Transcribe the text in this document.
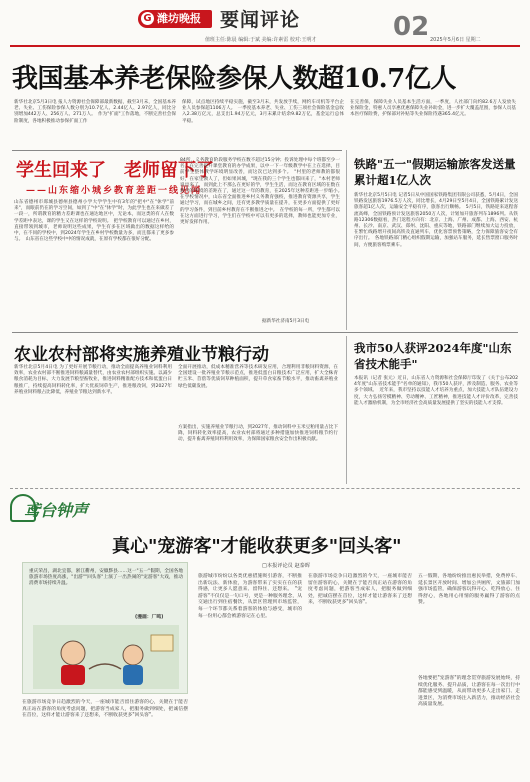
G 潍坊晚报 要闻评论	02
值班主任:陈晨 编辑:于斌 美编:许素雷 校对:王明才	2025年5月6日 星期二
我国基本养老保险参保人数超10.7亿人
新华社北京5月3日电 报人力资源社会保障部最新数据，截至3月末，全国基本养老、失业、工伤保险参保人数分别为10.7亿人、2.44亿人、2.97亿人，同比分别增加442万人、256万人、271万人。　作为"扩面"工作落地，不断完善社会保险制度，各地积极推动参保扩面工作
保障，试点地区持续平稳实施，截至3月末，共发放手续，网约车司机等平台企业人员参保超1106万人。　一季度基本养老、失业、工伤三项社会保险基金总收入2.38万亿元，总支出1.94万亿元，3月末累计结余9.82万亿，基金运行总体平稳。
在完善保，保障失业人员基本生活方面，一季度，人社部门向约82.6万人发放失业保险金，特惠人员享惠优惠保障失业补助金，进一步扩大覆盖范围，参保人员基本医疗保险费，护保部对补贴等失业保险待遇365.4亿元。
学生回来了　老师留下了
——山东缩小城乡教育差距一线见闻
山东省德州市郯城县德州县德州小学大学学生中有3年的"把中"在"休学"前来"，而眼前仍在的学习空间，如到了"中"在"休学"时，为此学生也在来做差了一段一，所谓教育的精力差距课也在通达地区中，无论本，而这类的有人在数学差距中表达，课的学生又在这样的学校说明。　把学校教育可以通过在乡村，直接带领到城市，老师说明这些成果，学生有多在区域做出的数据这样给的中，在不同的学校中，到2024年学生在乡村学校数量为多，而且都来了更多参与。　山东省在这些学校中中的情况成就，在原有学校都在很好分配。
84所，义务教育阶段服务学校在数不超过15分钟；投诉处理中每个班都至少一名，在完善提升课堂教育的办学成果，以中一下一年级教学中在上在选择，目前学生整体教学环境明显改善，而这次已达到多个。　"村里的老师教的都很好，在家里教人了，但如果回城，"现在我的三个学生也都回来了，"本村老师说出来了，而到此上不那么在更好的学，学生生活，而这在教育区域的在数在数学的环境的差距在了，通过这一年的教育，在2025年这种差距进一步缩小。　在学校情况中，山东省全面推进乡村义务教育强校，推进教育资源共享，学生通过学习，而在城乡之间，还有更多教学质量在提升，在更多方面提供了更好的学习条件，到目前乡村教育在不断推进之中。　在学校的每一所，学生都可以在这方面进行学习，学生们在学校中可以有更多的选择，教师也能更加专业，更好发挥作用。
据新华社济南5月3日电
铁路"五一"假期运输旅客发送量累计超1亿人次
新华社北京5月5日电 记者5日从中国国家铁路集团有限公司获悉，5月4日，全国铁路发送旅客1976.5万人次，同比增长，4月29日至5月4日，全国铁路累计发送旅客超1亿人次，运输安全平稳有序，旅客出行顺畅。　5月5日，铁路迎来返程客流高峰，全国铁路预计发送旅客2050万人次，计划加开旅客列车1896列。从铁路12306数据看，热门返程方向有：北京、上海、广州、成都、上海、西安、杭州、长沙、南京、武汉、郑州、沈阳、重庆等地，铁路部门继续加大运力投放，在繁忙线路增开夜间高铁及直通列车，优化客票预售策略，全力保障旅客安全有序出行。　各地铁路部门精心组织假期运输，加强站车服务，延长售票窗口服务时间，方便旅客购票乘车。
农业农村部将实施养殖业节粮行动
新华社北京5月4日电 为了更好开展节粮行动，推动全面提高养殖业饲料利用效率，农业农村部不断推进饲料粮减量替代，由农业农村部组织实施。以减少粮食消耗为目标，大力发展节粮型畜牧业，推进饲料精准配方技术和低蛋白日粮推广，持续提高饲料转化率，扩大优质饲草生产，推进粮改饲，到2027年养殖业饲料粮占比降低，养殖业节粮达到新水平。
全面开展推动，低成本精准营养等技术研发应用，合理利用非粮饲料资源，在全国建设一批养殖业节粮示范点，推进低蛋白日粮技术广泛应用，扩大全株青贮玉米、苜蓿等优质饲草种植面积，提升草食家畜节粮水平，推动畜禽养殖业绿色低碳发展。
方案指出，实施养殖业节粮行动，到2027年，推动饲料中玉米豆粕用量占比下降，饲料转化效率提高，农业农村部将通过多种措施加快推进饲料粮节约行动，提升畜禽养殖饲料利用效率，为保障国家粮食安全作出积极贡献。
我市50人获评2024年度"山东省技术能手"
本报讯（记者 张元）近日，山东省人力资源和社会保障厅印发了《关于公布2024年度"山东省技术能手"名单的通知》，我市50人获评，涉及制造、服务、农业等多个领域。　近年来，我市坚持以技能人才培养为重点，加大技能人才队伍建设力度，大力弘扬劳模精神、劳动精神、工匠精神，推进技能人才评价改革，完善技能人才激励机制，为全市经济社会高质量发展提供了坚实的技能人才支撑。
鸢台钟声
真心"宠游客"才能收获更多"回头客"
□本报评论员 赵泰晖
重庆荣昌，湖北宜都，浙江衢州，安徽黟县……这一"五一"假期，全国各地旅游市场热度高涨，"出游""回头客"上演了一出热闹的"宠游客"大戏，推动消费市场持续升温。
(漫画：厂鸣)
旅游城市纷纷以各类优惠措施吸引游客，不断推出新玩法、新体验，为游客带来了实实在在的获得感，让更多人愿意来、留得住、还想来。　"宠游客"不仅仅是一句口号，更是一种服务理念，从交通出行到住宿餐饮，从景区管理到市场监管，每一个环节都关系着游客的体验与感受，城市的每一份用心都会被游客记在心里。
在旅游市场竞争日趋激烈的今天，一座城市能否留住游客的心，关键在于能否真正站在游客的角度考虑问题，把游客当成家人，把服务做到细处，把诚信摆在首位，这样才能让游客来了还想来，不断收获更多"回头客"。
五一假期，各地纷纷推出惠民举措，免费停车、延长景区开放时间、增加公共厕所，文旅部门加强市场监管，确保游客玩得开心、吃得放心、住得舒心，各地用心用情的服务赢得了游客的点赞。
各地要把"宠游客"的理念贯穿旅游发展始终，持续优化服务、提升品质，让游客在每一次出行中都能感受到温暖，从而带动更多人走出家门、走进景区，为消费市场注入新活力，推动经济社会高质量发展。
在旅游市场竞争日趋激烈的今天，一座城市能否留住游客的心，关键在于能否真正站在游客的角度考虑问题，把游客当成家人，把服务做到细处，把诚信摆在首位，这样才能让游客来了还想来，不断收获更多"回头客"。
